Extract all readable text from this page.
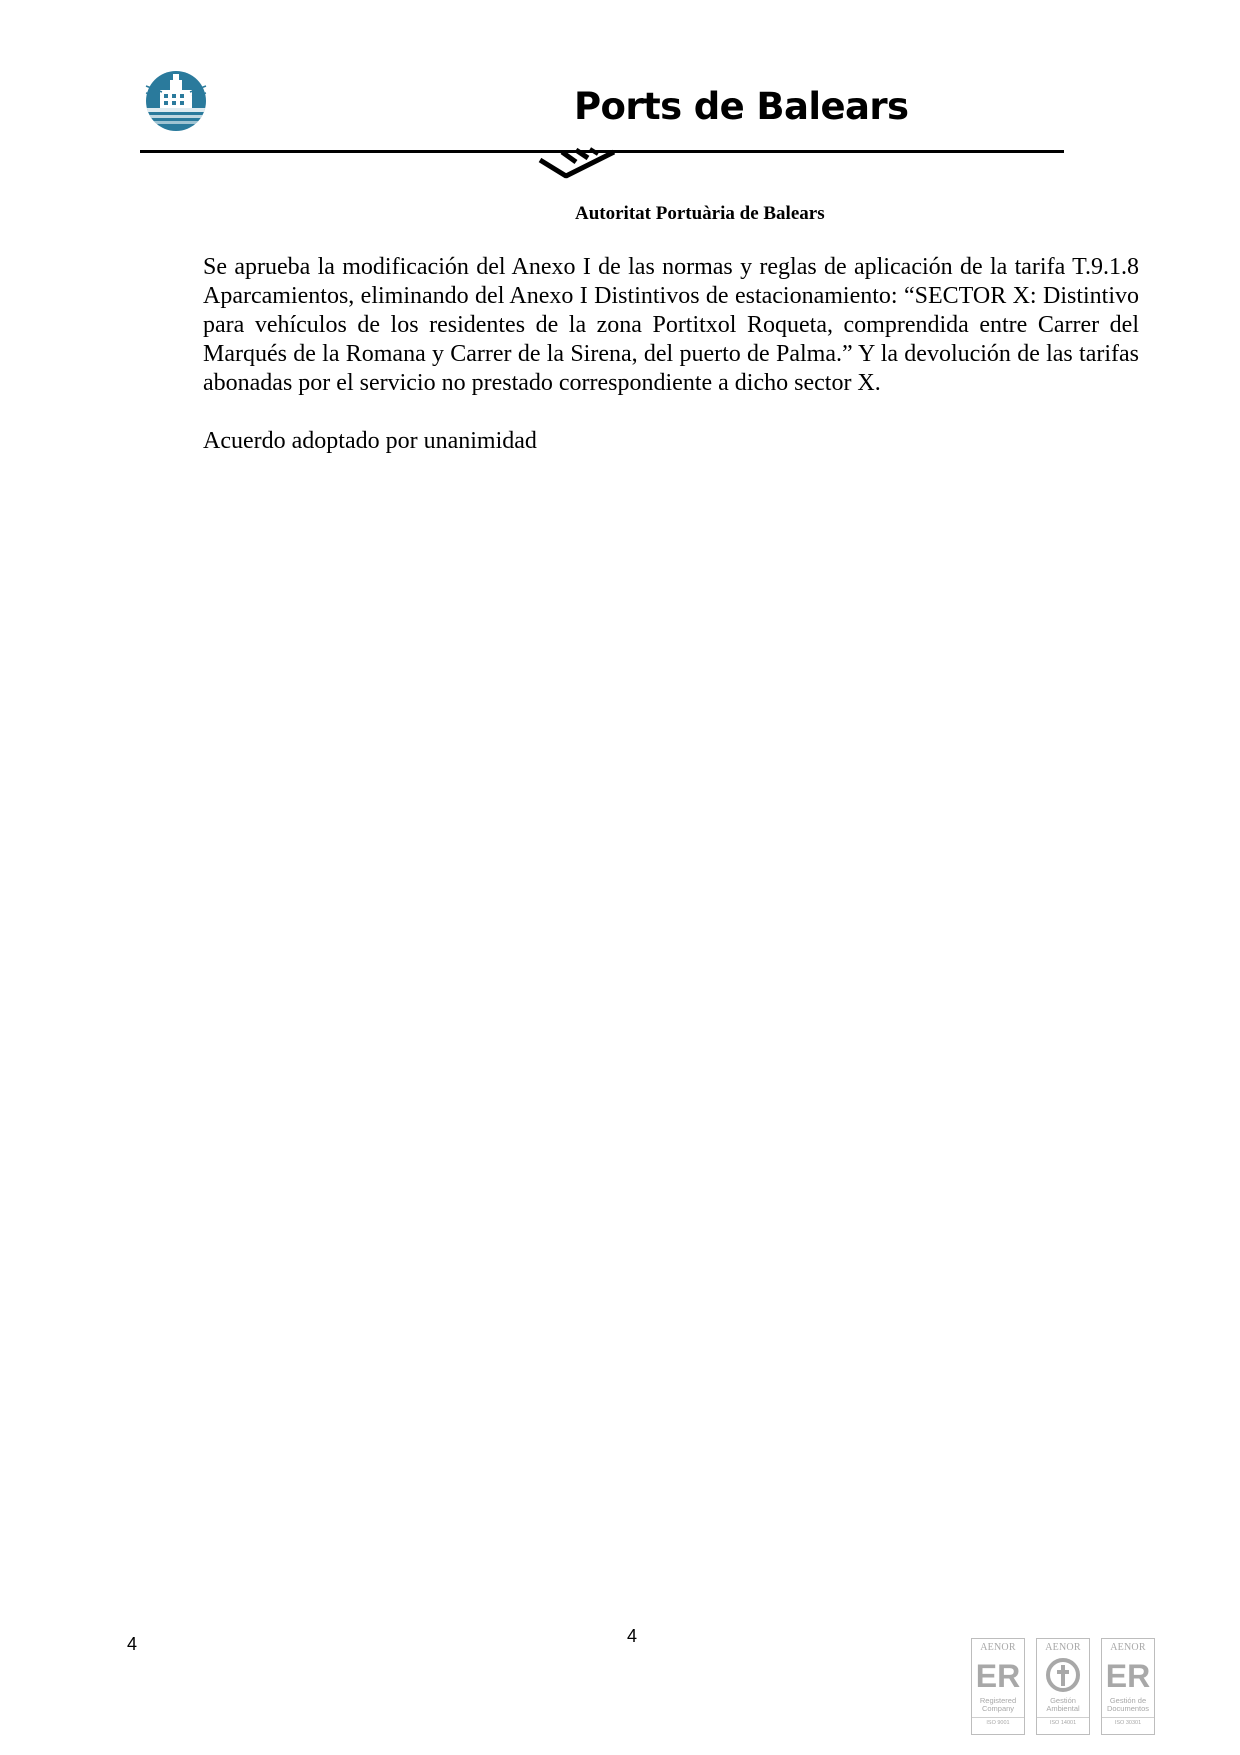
Ports de Balears
Autoritat Portuària de Balears

Se aprueba la modificación del Anexo I de las normas y reglas de aplicación de la tarifa T.9.1.8 Aparcamientos, eliminando del Anexo I Distintivos de estacionamiento: “SECTOR X: Distintivo para vehículos de los residentes de la zona Portitxol Roqueta, comprendida entre Carrer del Marqués de la Romana y Carrer de la Sirena, del puerto de Palma.” Y la devolución de las tarifas abonadas por el servicio no prestado correspondiente a dicho sector X.

Acuerdo adoptado por unanimidad

4	4
AENOR
ER
Registered
Company
ISO 9001
AENOR
Gestión
Ambiental
ISO 14001
AENOR
ER
Gestión de
Documentos
ISO 30301
